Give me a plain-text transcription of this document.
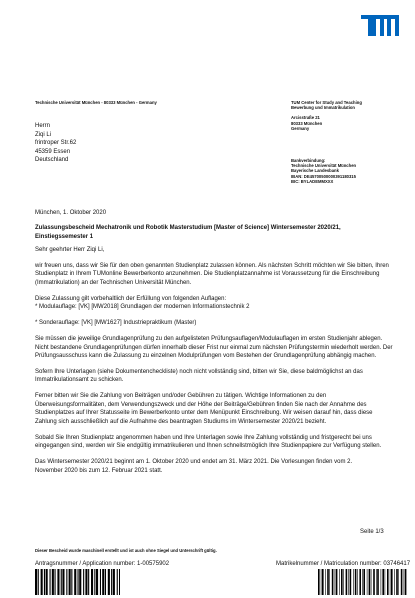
Technische Universität München - 80333 München - Germany
Herrn
Ziqi Li
frintroper Str.62
45359 Essen
Deutschland
TUM Center for Study and Teaching
Bewerbung und Immatrikulation
Arcisstraße 21
80333 München
Germany
Bankverbindung:
Technische Universität München
Bayerische Landesbank
IBAN: DE45700500000391180315
BIC: BYLADEMMXXX
München, 1. Oktober 2020
Zulassungsbescheid Mechatronik und Robotik Masterstudium [Master of Science] Wintersemester 2020/21, Einstiegssemester 1

Sehr geehrter Herr Ziqi Li,

wir freuen uns, dass wir Sie für den oben genannten Studienplatz zulassen können. Als nächsten Schritt möchten wir Sie bitten, Ihren Studienplatz in Ihrem TUMonline Bewerberkonto anzunehmen. Die Studienplatzannahme ist Voraussetzung für die Einschreibung (Immatrikulation) an der Technischen Universität München.

Diese Zulassung gilt vorbehaltlich der Erfüllung von folgenden Auflagen:
* Modulauflage: [VK] [MW2018] Grundlagen der modernen Informationstechnik 2

* Sonderauflage: [VK] [MW1627] Industriepraktikum (Master)

Sie müssen die jeweilige Grundlagenprüfung zu den aufgelisteten Prüfungsauflagen/Modulauflagen im ersten Studienjahr ablegen. Nicht bestandene Grundlagenprüfungen dürfen innerhalb dieser Frist nur einmal zum nächsten Prüfungstermin wiederholt werden. Der Prüfungsausschuss kann die Zulassung zu einzelnen Modulprüfungen vom Bestehen der Grundlagenprüfung abhängig machen.

Sofern Ihre Unterlagen (siehe Dokumentencheckliste) noch nicht vollständig sind, bitten wir Sie, diese baldmöglichst an das Immatrikulationsamt zu schicken.

Ferner bitten wir Sie die Zahlung von Beiträgen und/oder Gebühren zu tätigen. Wichtige Informationen zu den Überweisungsformalitäten, dem Verwendungszweck und der Höhe der Beiträge/Gebühren finden Sie nach der Annahme des Studienplatzes auf Ihrer Statusseite im Bewerberkonto unter dem Menüpunkt Einschreibung. Wir weisen darauf hin, dass diese Zahlung sich ausschließlich auf die Aufnahme des beantragten Studiums im Wintersemester 2020/21 bezieht.

Sobald Sie Ihren Studienplatz angenommen haben und Ihre Unterlagen sowie Ihre Zahlung vollständig und fristgerecht bei uns eingegangen sind, werden wir Sie endgültig immatrikulieren und Ihnen schnellstmöglich Ihre Studienpapiere zur Verfügung stellen.

Das Wintersemester 2020/21 beginnt am 1. Oktober 2020 und endet am 31. März 2021. Die Vorlesungen finden vom 2. November 2020 bis zum 12. Februar 2021 statt.

Seite 1/3
Dieser Bescheid wurde maschinell erstellt und ist auch ohne Siegel und Unterschrift gültig.
Antragsnummer / Application number: 1-00575902	Matrikelnummer / Matriculation number: 03746417
